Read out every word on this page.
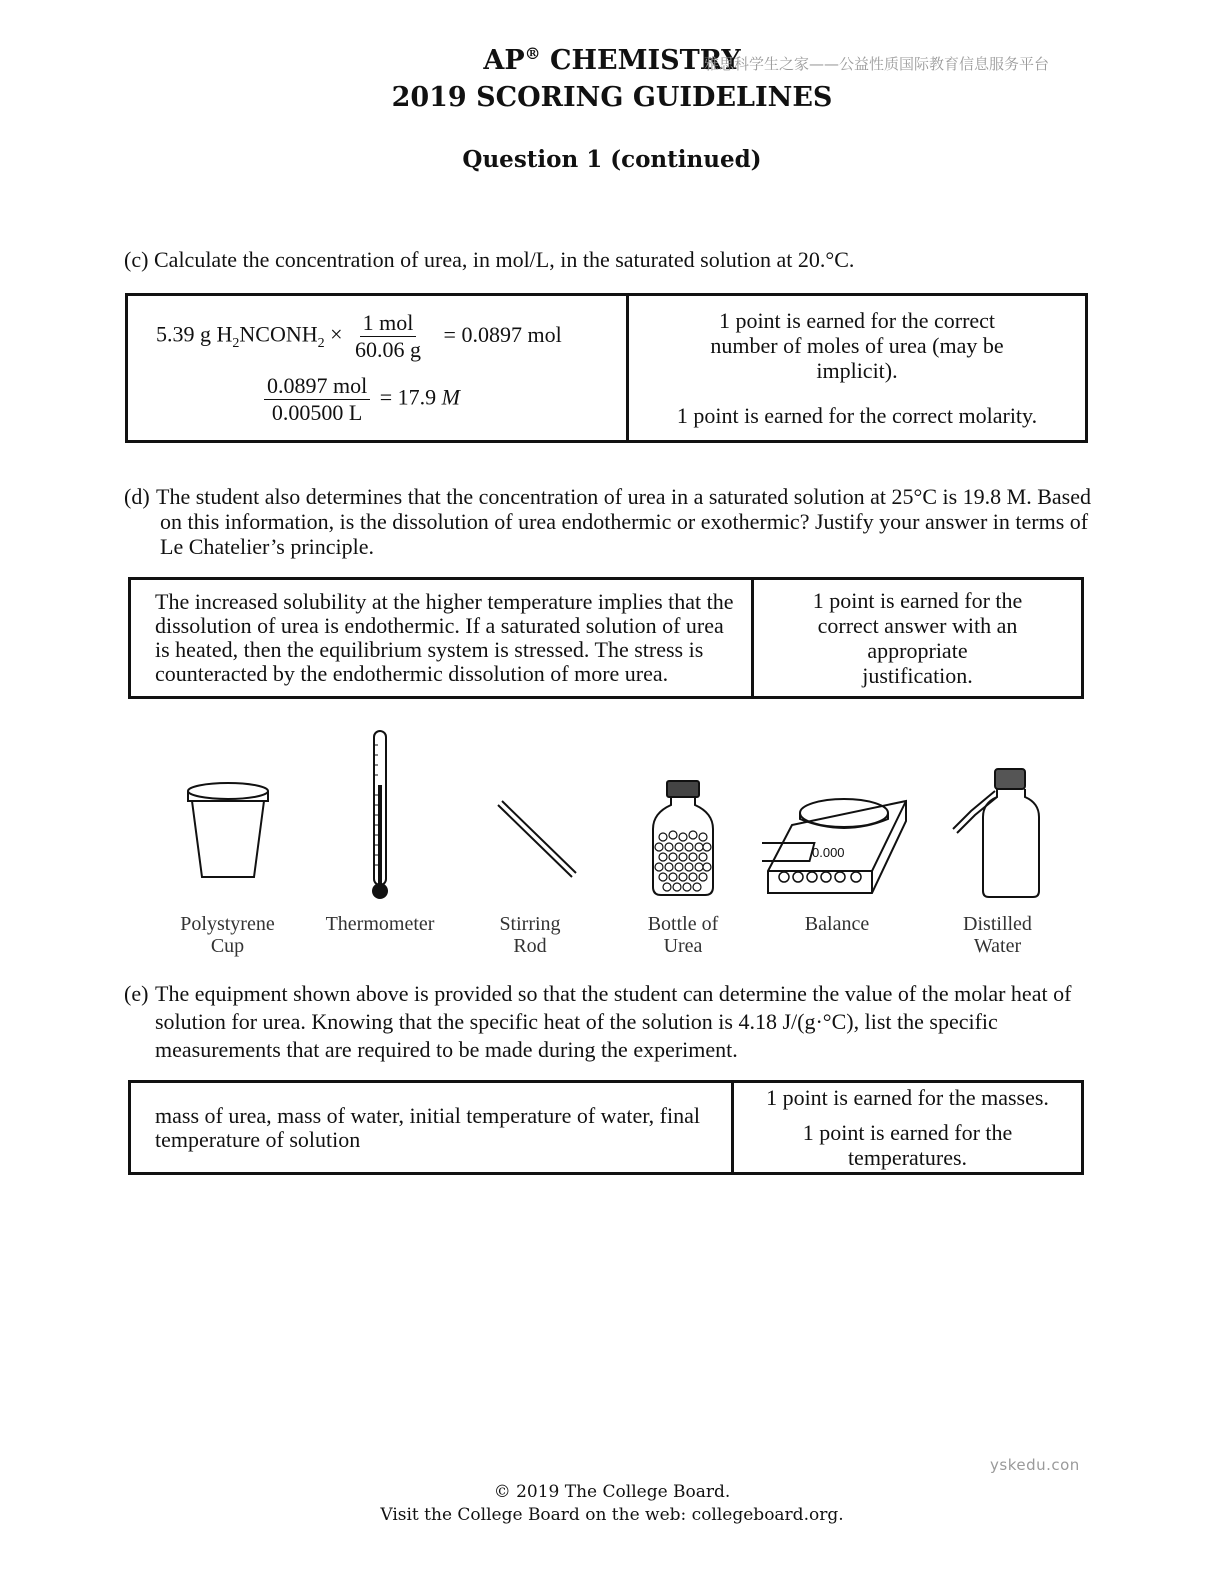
AP® CHEMISTRY
2019 SCORING GUIDELINES
Question 1 (continued)
雅思科学生之家——公益性质国际教育信息服务平台
(c) Calculate the concentration of urea, in mol/L, in the saturated solution at 20.°C.
5.39 g $H_2NCONH_2 \times \frac{\text{1 mol}}{60.06 g} = 0.0897$ mol
$\frac{\text{0.0897 mol}}{0.00500 L} = 17.9$ M

1 point is earned for the correct number of moles of urea (may be implicit).
1 point is earned for the correct molarity.
(d) The student also determines that the concentration of urea in a saturated solution at 25°C is 19.8 M. Based on this information, is the dissolution of urea endothermic or exothermic? Justify your answer in terms of Le Chatelier’s principle.
The increased solubility at the higher temperature implies that the dissolution of urea is endothermic. If a saturated solution of urea is heated, then the equilibrium system is stressed. The stress is counteracted by the endothermic dissolution of more urea.	
1 point is earned for the correct answer with an appropriate justification.
Polystyrene
Cup
Thermometer	Stirring
Rod
Bottle of
Urea
0.000
Balance	Distilled
Water
(e) The equipment shown above is provided so that the student can determine the value of the molar heat of solution for urea. Knowing that the specific heat of the solution is 4.18 J/(g·°C), list the specific measurements that are required to be made during the experiment.
mass of urea, mass of water, initial temperature of water, final temperature of solution	
1 point is earned for the masses.
1 point is earned for the temperatures.
yskedu.con
© 2019 The College Board.
Visit the College Board on the web: collegeboard.org.
